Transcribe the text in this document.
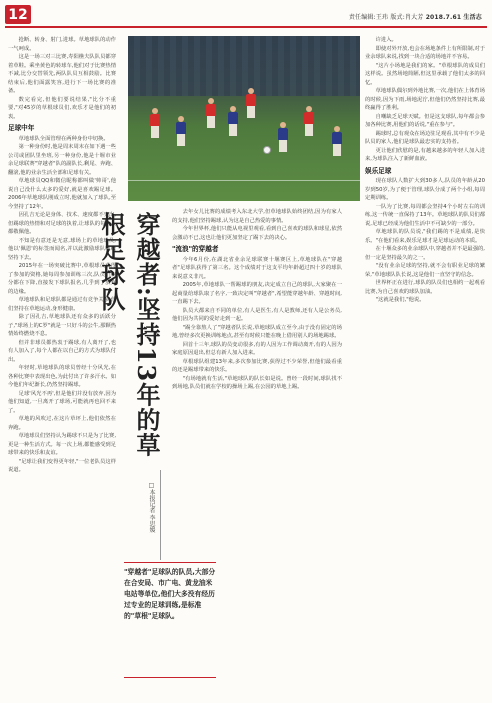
12	责任编辑:王玮 版式:肖大芳 2018.7.61 生活志

抢断、转身、射门,进球。草地球队的动作一气呵成。

这是一场三对三比赛,寿阳樵夫队队员都穿着草鞋。乘坐黄色的转球车,他们对于比赛热情不减,比分交替领先,两队队员互相鼓励。比赛结束后,他们面露笑容,进行下一场比赛的准备。

数完看完,但他们要说结果,"比分不重要,"对45岁的草根球员们,欢乐才是他们的初衷。

足球中年

草地球队全面管理在两种身份中切换。

第一种身份时,他是周末周末在如下遇一些公司或团队里坐班,另一种身份,他是十堰市业余足球联赛"穿越者"队的副队长,剩尾、奔跑、翻滚,他的业余生活全部和足球有关。

草地球员QQ和微信昵称都叫做'帅哥',他说自己没什么太多的爱好,就是喜欢踢足球。2006年草地球队刚成立时,他就加入了球队,至今坚持了12年。

因孔吉无论是身体、技术、速度都不突出,但踢球的热情和对足球的执着,让球队的每个人都敬佩他。

不知是有意还是无意,球场上的草地球员,他以'佩恩'的标签而闻名,并以此激励球队继续坚持下去。

2015年在一场突破比赛中,草根球员获得了参加的资格,她每周参加训练三次,队员们积分都在下降,直接发下球队报名,几乎到了放弃的边缘。

草地球队和足球队都是通过有竞争关系,他们坚持在草地运动,身形健康。

除了因孔吉,草地球队还有众多的活跃分子,"球场上的C罗"就是一只好斗的公牛,那颗热情始终燃烧不息。

但并非球员都热衷于踢球,有人离开了,也有人加入了,每个人都在以自己的方式为球队付出。

年轻时,草地球队的球员曾经十分风光,在各种比赛中表现出色,为此付出了许多汗水。如今他们年纪渐长,仍然坚持踢球。

足球'风光不再',但是他们并没有放弃,因为他们知道,一旦离开了球场,可能就再也回不来了。

草地的风吹过,在这片草坪上,他们依然在奔跑。

草地球员们坚持认为踢球不只是为了比赛,更是一种生活方式。每一次上场,都能感受到足球带来的快乐和友谊。

"足球让我们变得更年轻,"一位老队员这样说道。

穿越者:坚持13年的草根足球队
□本报记者 李思媛
"穿越者"足球队的队员,大部分在合安局、市广电、黄龙油米电站等单位,他们大多没有经历过专业的足球训练,是标准的"草根"足球队。

去年女儿比赛的成绩考入东北大学,但草地球队始终团结,因为有家人的支持,他们坚持踢球,认为这是自己热爱的事情。

今年世界杯,他们只能从电视里观看,看到自己喜欢的球队和球星,依然会激动不已,这也让他们更加坚定了踢下去的决心。

"流浪"的穿越者

今年6月份,在湖北省业余足球联赛十堰赛区上,草地球队在"穿越者"足球队获得了第三名。这个成绩对于这支平均年龄超过四十岁的球队来说意义非凡。

2005年,草地球队一帮踢球的朋友,决定成立自己的球队,大家聚在一起商量给球队取了名字,一致决定叫"穿越者",希望能穿越年龄、穿越时间,一直踢下去。

队员大都来自不同的单位,有人是医生,有人是教师,还有人是公务员,他们因为共同的爱好走到一起。

"踢全靠熬人了"穿越者队长说,草地球队成立至今,由于没有固定的场地,曾经多次更换训练地点,甚至有时候只能在晚上借用别人的场地踢球。

回首十三年,球队的员变动很多,有的人因为工作调动离开,有的人因为家庭原因退出,但总有新人加入进来。

草根球队组建13年来,多次参加比赛,获得过不少荣誉,但他们最看重的还是踢球带来的快乐。

"有场地就有生活,"草地球队的队长如是说。曾经一段时间,球队找不到场地,队员们就在学校的操场上踢,在公园的草地上踢。

许进入。

即使对外开放,也会在场地条件上有所限制,对于业余球队来说,找到一块合适的场地并不容易。

"这片小场地是我们的家。"草根球队的成员们这样说。虽然场地简陋,但这里承载了他们太多的回忆。

草地球队偶尔到外地比赛,一次,他们在上体育场的时候,因为下雨,场地泥泞,但他们仍然坚持比赛,最终赢得了胜利。

自嘲缺乏足球天赋。但是这支球队,每年都会参加各种比赛,用他们的话说,"重在参与"。

踢球时,总有观众在场边驻足观看,其中有不少是队员的家人,他们是球队最忠实的支持者。

更让他们欣慰的是,有越来越多的年轻人加入进来,为球队注入了新鲜血液。

娱乐足球

现在球队人数扩大到30多人,队员的年龄从20岁到50岁,为了便于管理,球队分成了两个小组,每周定期训练。

一队为了比赛,每周都会坚持4个小时左右的训练,这一传统一直保持了13年。草地球队的队员们都说,足球已经成为他们生活中不可缺少的一部分。

草地球队的队员说,"我们踢的不是成绩,是快乐。"在他们看来,娱乐足球才是足球运动的本质。

在十堰众多的业余球队中,穿越者并不是最强的,但一定是坚持最久的之一。

"没有业余足球的坚持,就不会有职业足球的繁荣,"草地球队队长说,这是他们一直坚守的信念。

世界杯正在进行,球队的队员们也相约一起观看比赛,为自己喜欢的球队加油。

"这就是我们,"他说。
